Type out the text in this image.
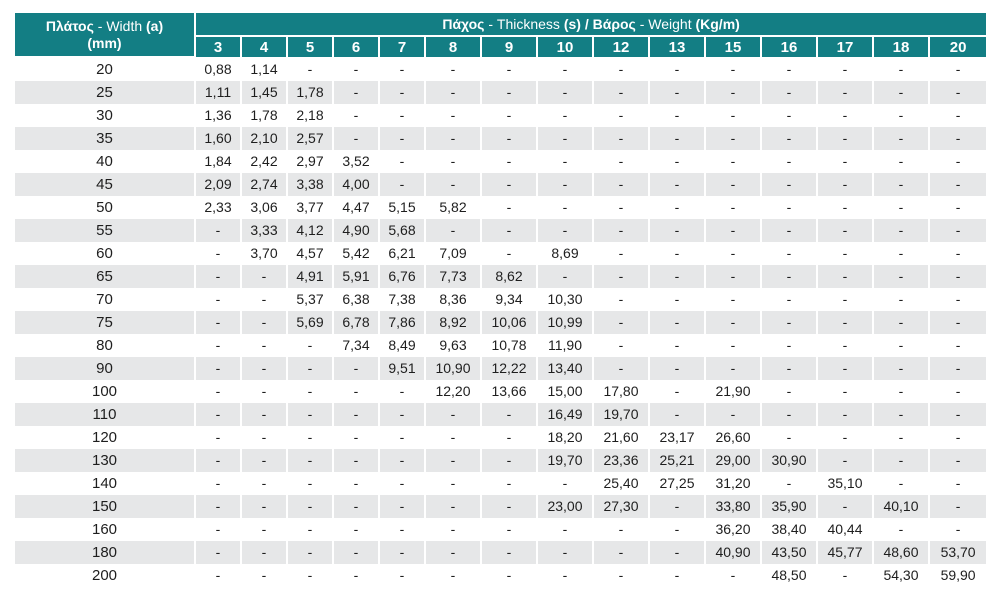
Πλάτος - Width (a)
(mm)	Πάχος - Thickness (s) / Βάρος - Weight (Kg/m)														
	3	4	5	6	7	8	9	10	12	13	15	16	17	18	20
20	0,88	1,14	-	-	-	-	-	-	-	-	-	-	-	-	-
25	1,11	1,45	1,78	-	-	-	-	-	-	-	-	-	-	-	-
30	1,36	1,78	2,18	-	-	-	-	-	-	-	-	-	-	-	-
35	1,60	2,10	2,57	-	-	-	-	-	-	-	-	-	-	-	-
40	1,84	2,42	2,97	3,52	-	-	-	-	-	-	-	-	-	-	-
45	2,09	2,74	3,38	4,00	-	-	-	-	-	-	-	-	-	-	-
50	2,33	3,06	3,77	4,47	5,15	5,82	-	-	-	-	-	-	-	-	-
55	-	3,33	4,12	4,90	5,68	-	-	-	-	-	-	-	-	-	-
60	-	3,70	4,57	5,42	6,21	7,09	-	8,69	-	-	-	-	-	-	-
65	-	-	4,91	5,91	6,76	7,73	8,62	-	-	-	-	-	-	-	-
70	-	-	5,37	6,38	7,38	8,36	9,34	10,30	-	-	-	-	-	-	-
75	-	-	5,69	6,78	7,86	8,92	10,06	10,99	-	-	-	-	-	-	-
80	-	-	-	7,34	8,49	9,63	10,78	11,90	-	-	-	-	-	-	-
90	-	-	-	-	9,51	10,90	12,22	13,40	-	-	-	-	-	-	-
100	-	-	-	-	-	12,20	13,66	15,00	17,80	-	21,90	-	-	-	-
110	-	-	-	-	-	-	-	16,49	19,70	-	-	-	-	-	-
120	-	-	-	-	-	-	-	18,20	21,60	23,17	26,60	-	-	-	-
130	-	-	-	-	-	-	-	19,70	23,36	25,21	29,00	30,90	-	-	-
140	-	-	-	-	-	-	-	-	25,40	27,25	31,20	-	35,10	-	-
150	-	-	-	-	-	-	-	23,00	27,30	-	33,80	35,90	-	40,10	-
160	-	-	-	-	-	-	-	-	-	-	36,20	38,40	40,44	-	-
180	-	-	-	-	-	-	-	-	-	-	40,90	43,50	45,77	48,60	53,70
200	-	-	-	-	-	-	-	-	-	-	-	48,50	-	54,30	59,90
